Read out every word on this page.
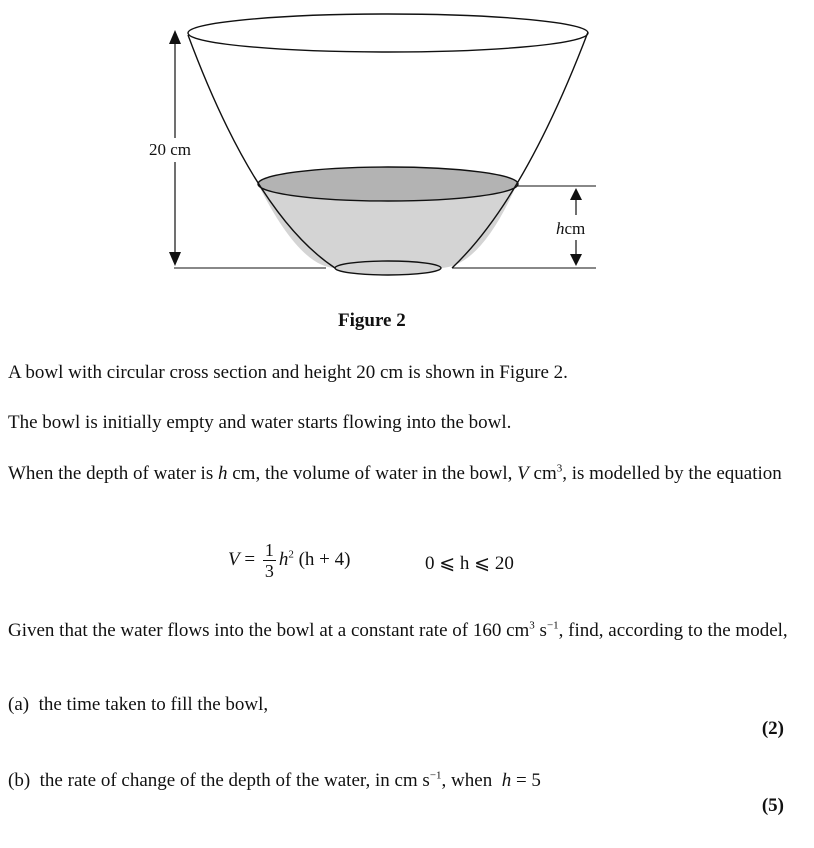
20 cm
hcm
Figure 2
A bowl with circular cross section and height 20 cm is shown in Figure 2.
The bowl is initially empty and water starts flowing into the bowl.
When the depth of water is h cm, the volume of water in the bowl, V $cm^3$, is modelled by the equation
$V = \frac{1}{3} h^2$ (h + 4)	0 ⩽ h ⩽ 20
Given that the water flows into the bowl at a constant rate of 160 $cm^3$ $s^{-1}$, find, according to the model,
(a) the time taken to fill the bowl,
(2)
(b) the rate of change of the depth of the water, in cm $s^{-1}$, when  h = 5
(5)
